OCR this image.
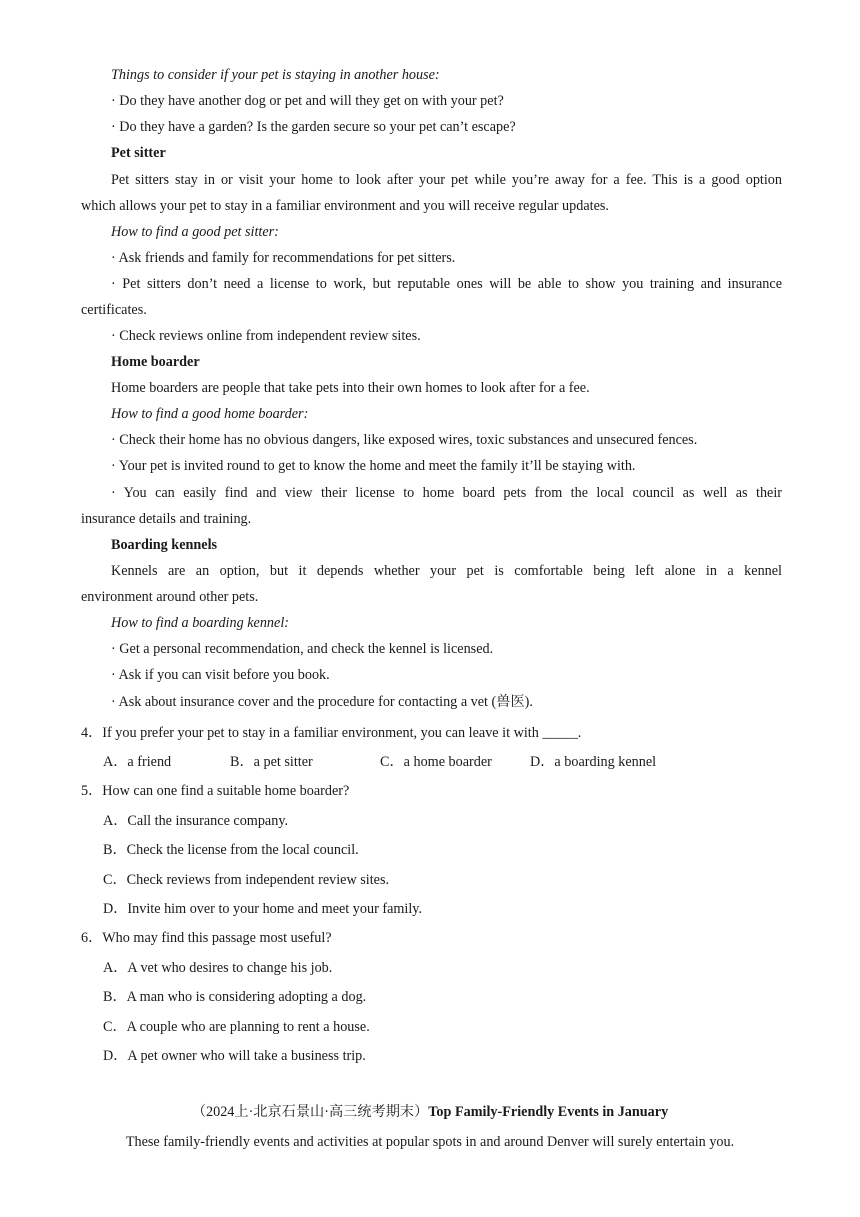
Things to consider if your pet is staying in another house:
· Do they have another dog or pet and will they get on with your pet?
· Do they have a garden? Is the garden secure so your pet can’t escape?
Pet sitter
Pet sitters stay in or visit your home to look after your pet while you’re away for a fee. This is a good option
which allows your pet to stay in a familiar environment and you will receive regular updates.
How to find a good pet sitter:
· Ask friends and family for recommendations for pet sitters.
· Pet sitters don’t need a license to work, but reputable ones will be able to show you training and insurance
certificates.
· Check reviews online from independent review sites.
Home boarder
Home boarders are people that take pets into their own homes to look after for a fee.
How to find a good home boarder:
· Check their home has no obvious dangers, like exposed wires, toxic substances and unsecured fences.
· Your pet is invited round to get to know the home and meet the family it’ll be staying with.
· You can easily find and view their license to home board pets from the local council as well as their
insurance details and training.
Boarding kennels
Kennels are an option, but it depends whether your pet is comfortable being left alone in a kennel
environment around other pets.
How to find a boarding kennel:
· Get a personal recommendation, and check the kennel is licensed.
· Ask if you can visit before you book.
· Ask about insurance cover and the procedure for contacting a vet (兽医).
4．If you prefer your pet to stay in a familiar environment, you can leave it with _____.
A．a friend	B．a pet sitter	C．a home boarder	D．a boarding kennel
5．How can one find a suitable home boarder?
A．Call the insurance company.
B．Check the license from the local council.
C．Check reviews from independent review sites.
D．Invite him over to your home and meet your family.
6．Who may find this passage most useful?
A．A vet who desires to change his job.
B．A man who is considering adopting a dog.
C．A couple who are planning to rent a house.
D．A pet owner who will take a business trip.
（2024上·北京石景山·高三统考期末）Top Family-Friendly Events in January
These family-friendly events and activities at popular spots in and around Denver will surely entertain you.
